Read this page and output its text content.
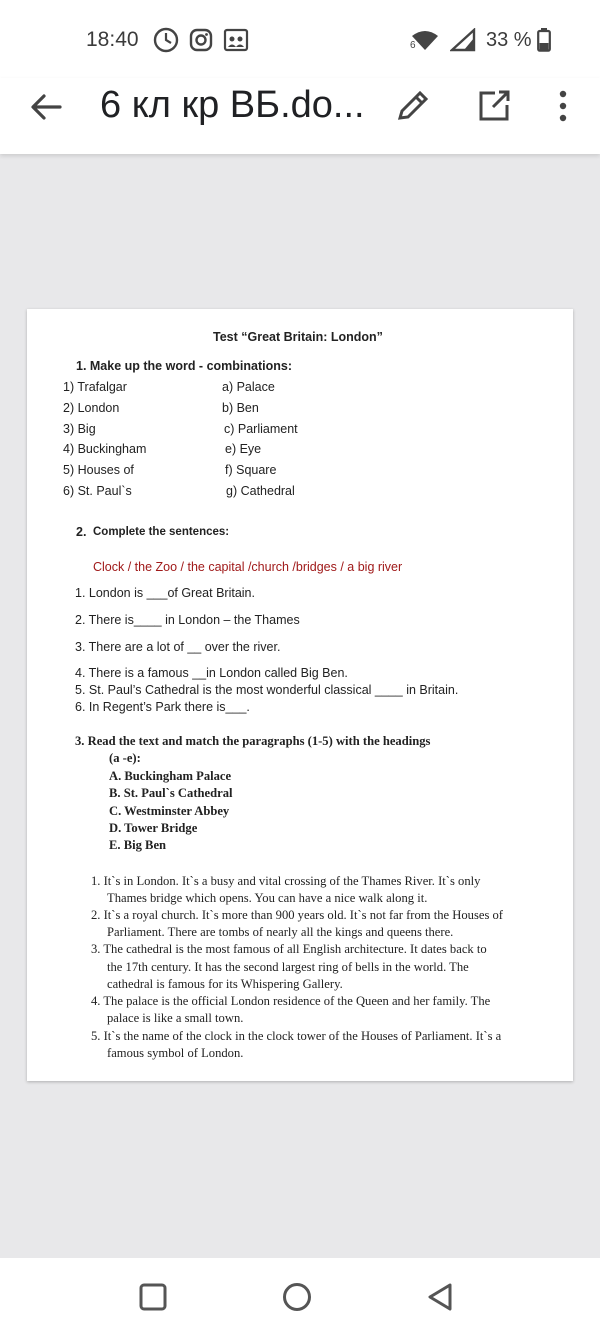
18:40	6	33 %
6 кл кр ВБ.do...
Test “Great Britain: London”
1. Make up the word - combinations:
1) Trafalgar
2) London
3) Big
4) Buckingham
5) Houses of
6) St. Paul`s
a) Palace
b) Ben
c) Parliament
e) Eye
f) Square
g) Cathedral
2. Complete the sentences:
Clock / the Zoo / the capital /church /bridges / a big river
1. London is ___of Great Britain.
2. There is____ in London – the Thames
3. There are a lot of __ over the river.
4. There is a famous __in London called Big Ben.
5. St. Paul’s Cathedral is the most wonderful classical ____ in Britain.
6. In Regent’s Park there is___.
3. Read the text and match the paragraphs (1-5) with the headings
(a -e):
A. Buckingham Palace
B. St. Paul`s Cathedral
C. Westminster Abbey
D. Tower Bridge
E. Big Ben
1. It`s in London. It`s a busy and vital crossing of the Thames River. It`s only
Thames bridge which opens. You can have a nice walk along it.
2. It`s a royal church. It`s more than 900 years old. It`s not far from the Houses of
Parliament. There are tombs of nearly all the kings and queens there.
3. The cathedral is the most famous of all English architecture. It dates back to
the 17th century. It has the second largest ring of bells in the world. The
cathedral is famous for its Whispering Gallery.
4. The palace is the official London residence of the Queen and her family. The
palace is like a small town.
5. It`s the name of the clock in the clock tower of the Houses of Parliament. It`s a
famous symbol of London.
